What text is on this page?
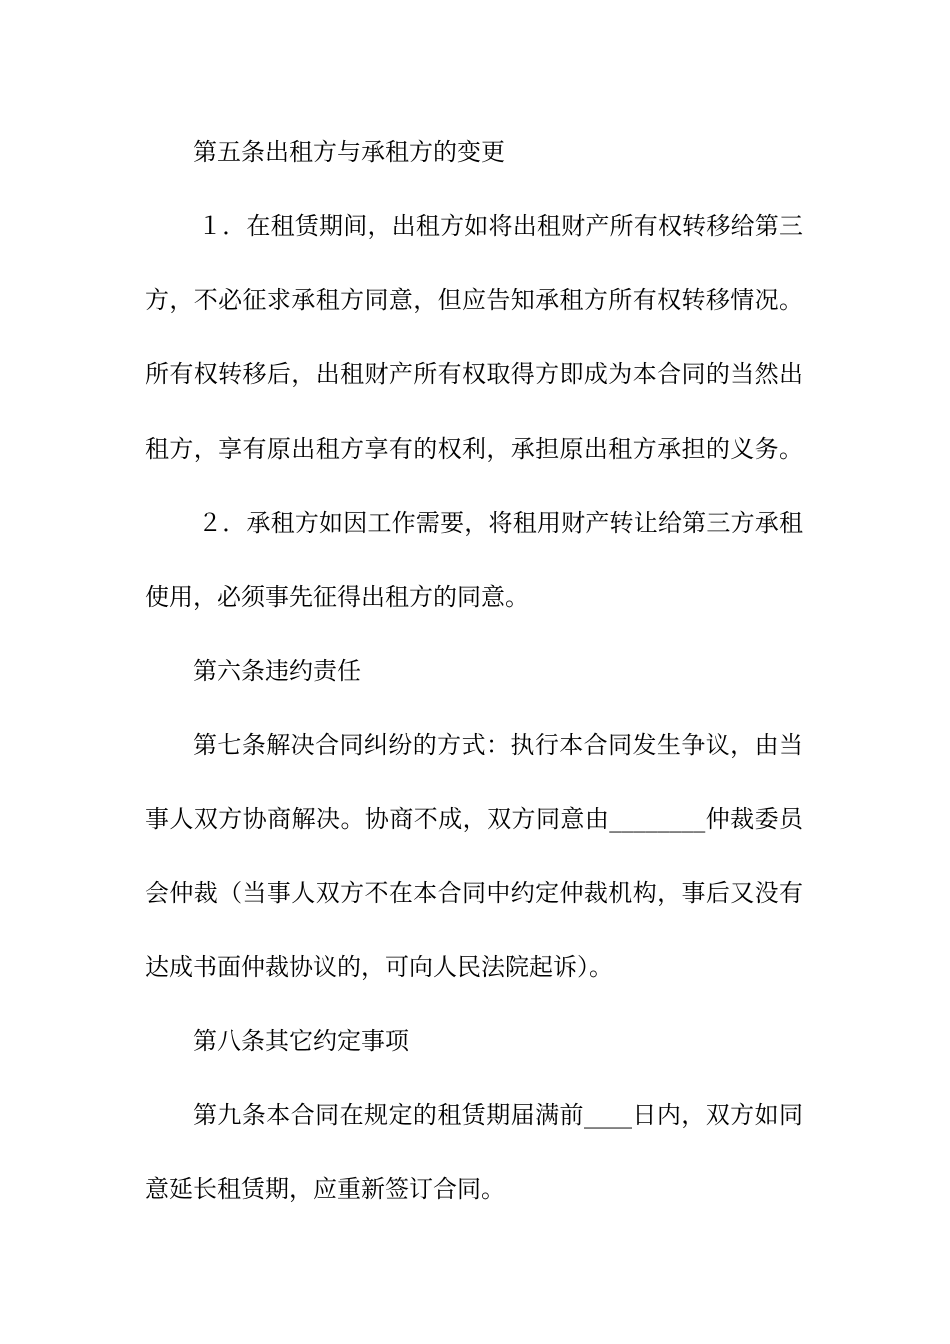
第五条出租方与承租方的变更
１．在租赁期间，出租方如将出租财产所有权转移给第三
方，不必征求承租方同意，但应告知承租方所有权转移情况。
所有权转移后，出租财产所有权取得方即成为本合同的当然出
租方，享有原出租方享有的权利，承担原出租方承担的义务。
２．承租方如因工作需要，将租用财产转让给第三方承租
使用，必须事先征得出租方的同意。
第六条违约责任
第七条解决合同纠纷的方式：执行本合同发生争议，由当
事人双方协商解决。协商不成，双方同意由________仲裁委员
会仲裁（当事人双方不在本合同中约定仲裁机构，事后又没有
达成书面仲裁协议的，可向人民法院起诉）。
第八条其它约定事项
第九条本合同在规定的租赁期届满前____日内，双方如同
意延长租赁期，应重新签订合同。
